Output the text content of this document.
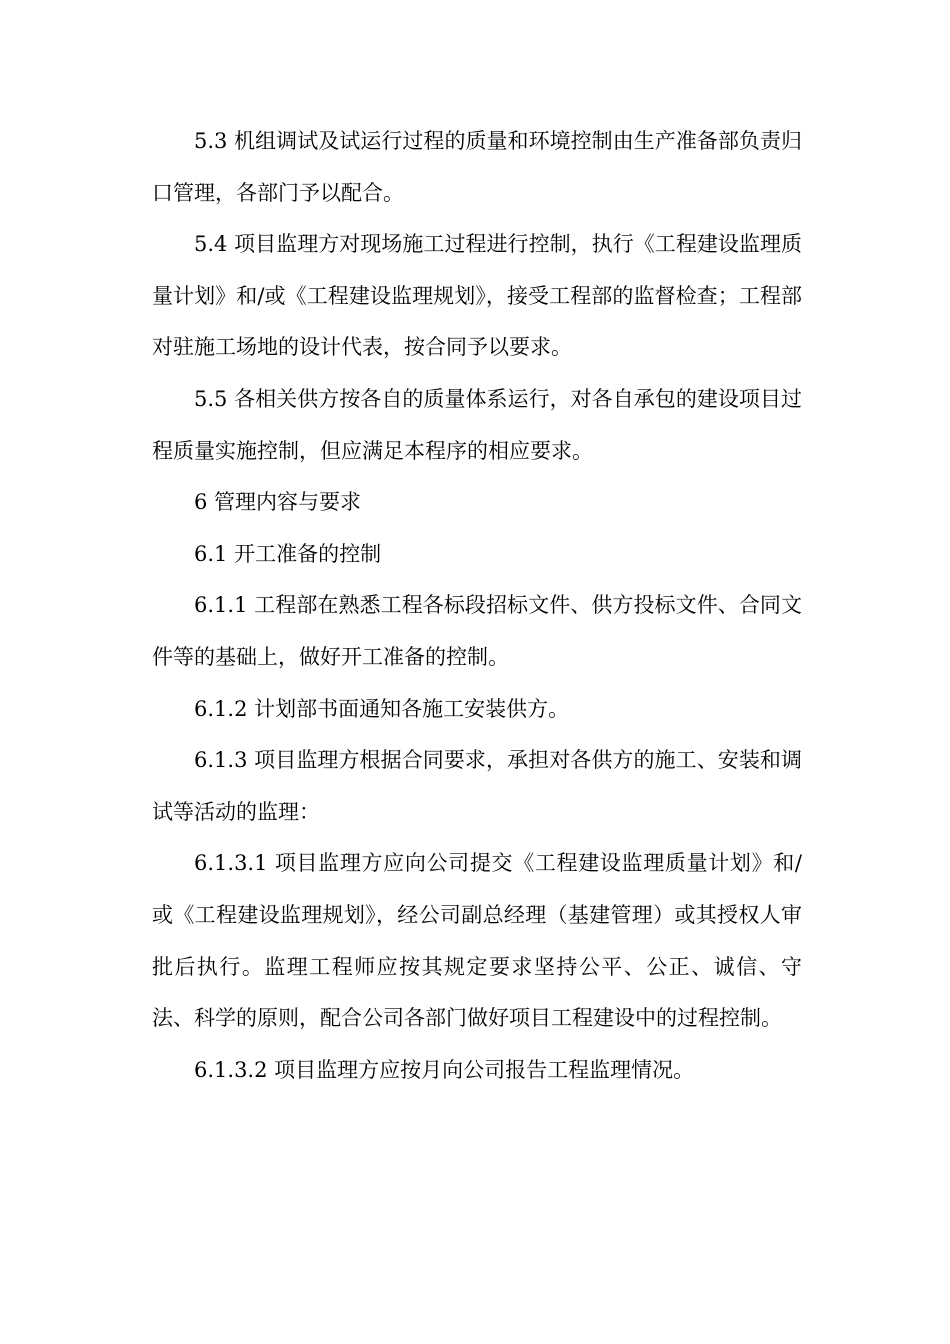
5.3 机组调试及试运行过程的质量和环境控制由生产准备部负责归口管理，各部门予以配合。

5.4 项目监理方对现场施工过程进行控制，执行《工程建设监理质量计划》和/或《工程建设监理规划》，接受工程部的监督检查；工程部对驻施工场地的设计代表，按合同予以要求。

5.5 各相关供方按各自的质量体系运行，对各自承包的建设项目过程质量实施控制，但应满足本程序的相应要求。

6 管理内容与要求

6.1 开工准备的控制

6.1.1 工程部在熟悉工程各标段招标文件、供方投标文件、合同文件等的基础上，做好开工准备的控制。

6.1.2 计划部书面通知各施工安装供方。

6.1.3 项目监理方根据合同要求，承担对各供方的施工、安装和调试等活动的监理：

6.1.3.1 项目监理方应向公司提交《工程建设监理质量计划》和/或《工程建设监理规划》，经公司副总经理（基建管理）或其授权人审批后执行。监理工程师应按其规定要求坚持公平、公正、诚信、守法、科学的原则，配合公司各部门做好项目工程建设中的过程控制。

6.1.3.2 项目监理方应按月向公司报告工程监理情况。
